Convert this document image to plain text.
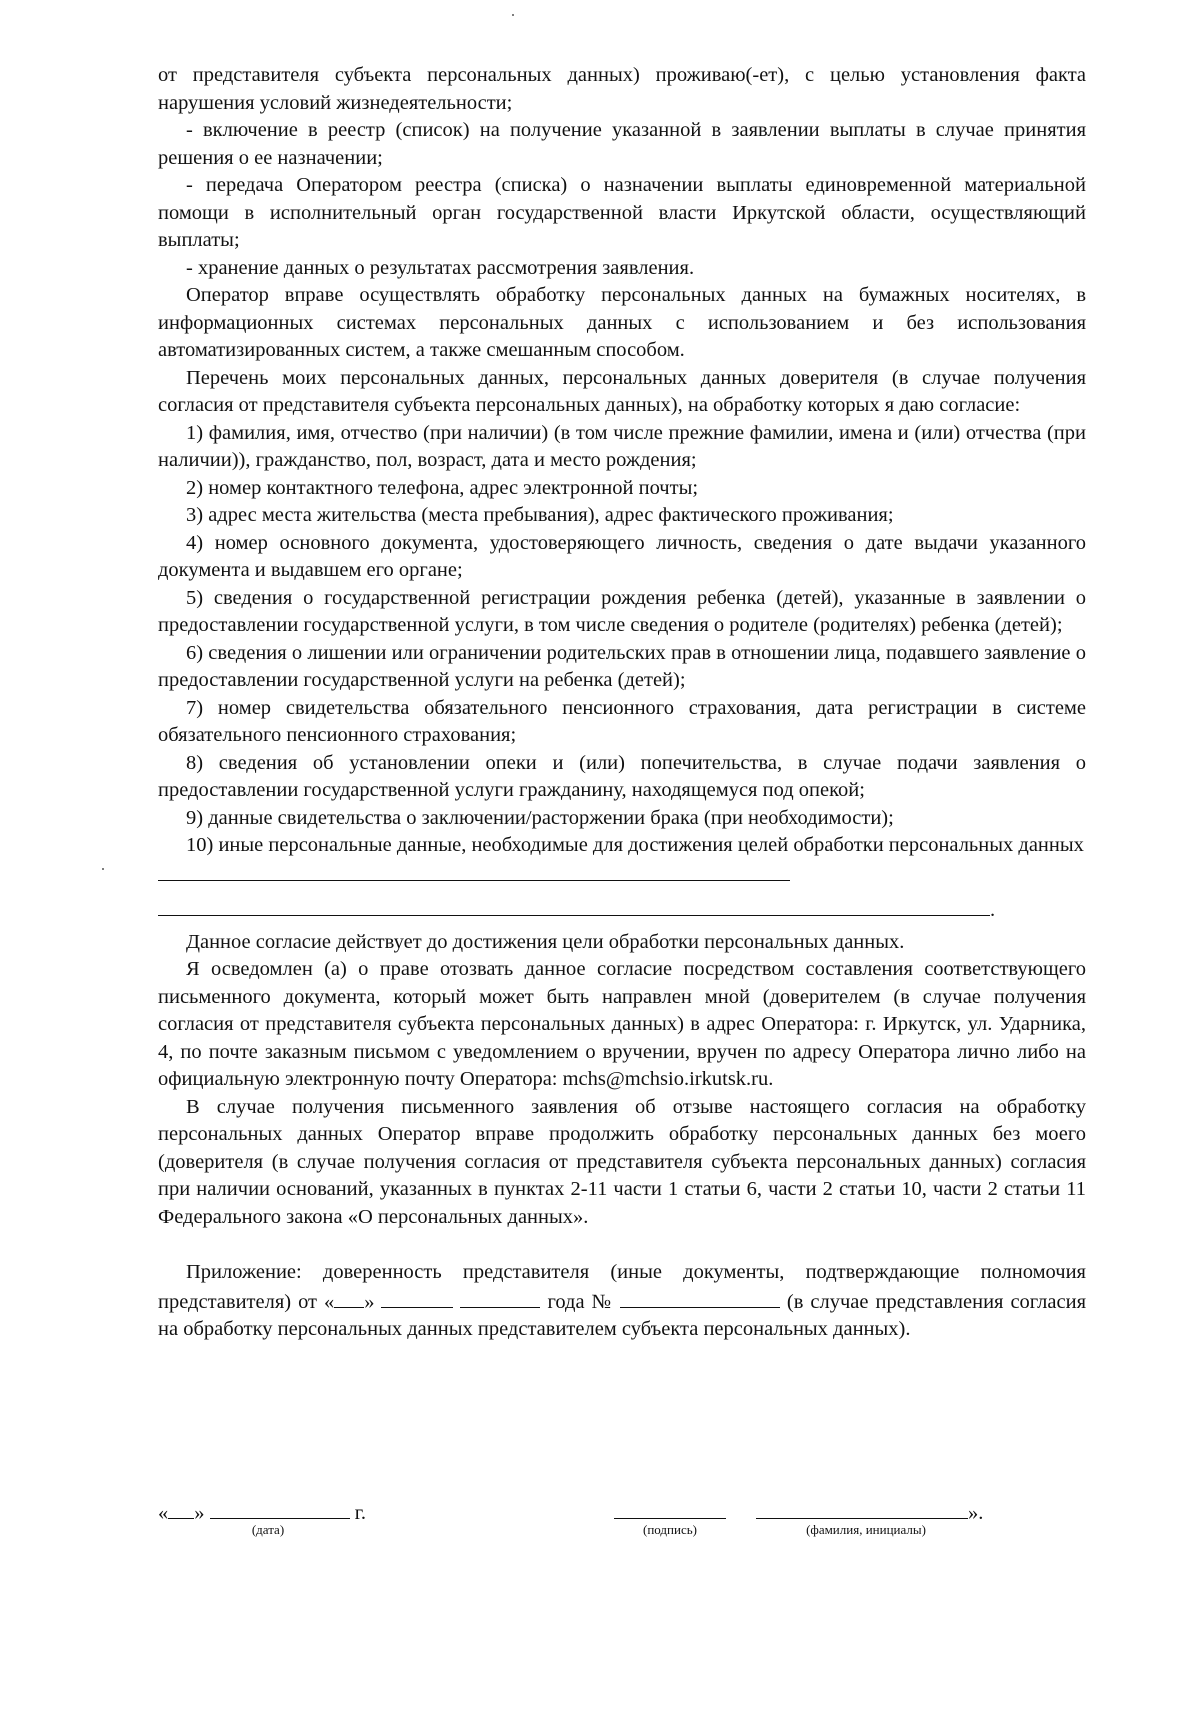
от представителя субъекта персональных данных) проживаю(-ет), с целью установления факта нарушения условий жизнедеятельности;

- включение в реестр (список) на получение указанной в заявлении выплаты в случае принятия решения о ее назначении;

- передача Оператором реестра (списка) о назначении выплаты единовременной материальной помощи в исполнительный орган государственной власти Иркутской области, осуществляющий выплаты;

- хранение данных о результатах рассмотрения заявления.

Оператор вправе осуществлять обработку персональных данных на бумажных носителях, в информационных системах персональных данных с использованием и без использования автоматизированных систем, а также смешанным способом.

Перечень моих персональных данных, персональных данных доверителя (в случае получения согласия от представителя субъекта персональных данных), на обработку которых я даю согласие:

1) фамилия, имя, отчество (при наличии) (в том числе прежние фамилии, имена и (или) отчества (при наличии)), гражданство, пол, возраст, дата и место рождения;

2) номер контактного телефона, адрес электронной почты;

3) адрес места жительства (места пребывания), адрес фактического проживания;

4) номер основного документа, удостоверяющего личность, сведения о дате выдачи указанного документа и выдавшем его органе;

5) сведения о государственной регистрации рождения ребенка (детей), указанные в заявлении о предоставлении государственной услуги, в том числе сведения о родителе (родителях) ребенка (детей);

6) сведения о лишении или ограничении родительских прав в отношении лица, подавшего заявление о предоставлении государственной услуги на ребенка (детей);

7) номер свидетельства обязательного пенсионного страхования, дата регистрации в системе обязательного пенсионного страхования;

8) сведения об установлении опеки и (или) попечительства, в случае подачи заявления о предоставлении государственной услуги гражданину, находящемуся под опекой;

9) данные свидетельства о заключении/расторжении брака (при необходимости);

10) иные персональные данные, необходимые для достижения целей обработки персональных данных

.

Данное согласие действует до достижения цели обработки персональных данных.

Я осведомлен (а) о праве отозвать данное согласие посредством составления соответствующего письменного документа, который может быть направлен мной (доверителем (в случае получения согласия от представителя субъекта персональных данных) в адрес Оператора: г. Иркутск, ул. Ударника, 4, по почте заказным письмом с уведомлением о вручении, вручен по адресу Оператора лично либо на официальную электронную почту Оператора: mchs@mchsio.irkutsk.ru.

В случае получения письменного заявления об отзыве настоящего согласия на обработку персональных данных Оператор вправе продолжить обработку персональных данных без моего (доверителя (в случае получения согласия от представителя субъекта персональных данных) согласия при наличии оснований, указанных в пунктах 2-11 части 1 статьи 6, части 2 статьи 10, части 2 статьи 11 Федерального закона «О персональных данных».

Приложение: доверенность представителя (иные документы, подтверждающие полномочия представителя) от « »	года №	(в случае представления согласия на обработку персональных данных представителем субъекта персональных данных).

« »	г.
(дата)	(подпись)
».
(фамилия, инициалы)
